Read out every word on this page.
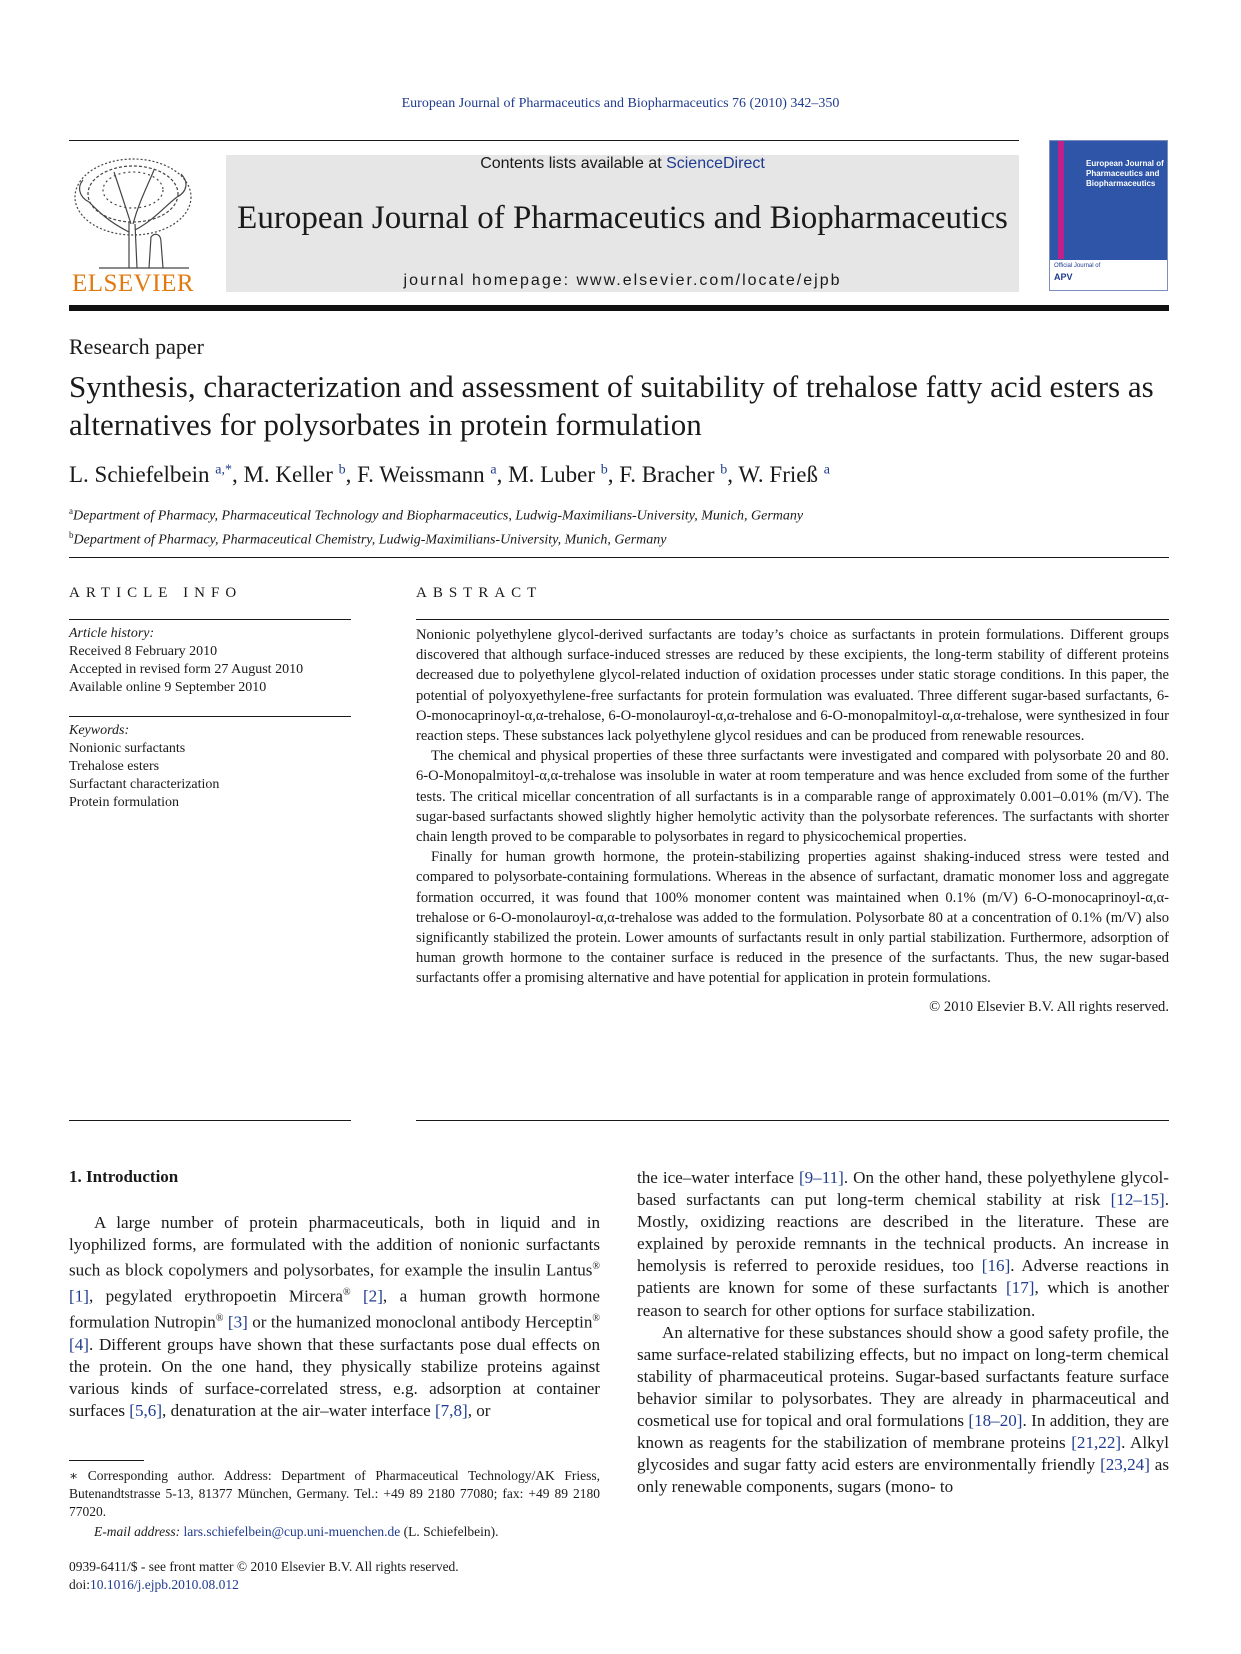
European Journal of Pharmaceutics and Biopharmaceutics 76 (2010) 342–350
ELSEVIER
Contents lists available at ScienceDirect
European Journal of Pharmaceutics and Biopharmaceutics
journal homepage: www.elsevier.com/locate/ejpb
European Journal of Pharmaceutics and Biopharmaceutics
Official Journal of
APV
Research paper
Synthesis, characterization and assessment of suitability of trehalose fatty acid esters as alternatives for polysorbates in protein formulation
L. Schiefelbein $^{a,*}$, M. Keller $^b$, F. Weissmann $^a$, M. Luber $^b$, F. Bracher $^b$, W. Frieß $^a$
$^a$Department of Pharmacy, Pharmaceutical Technology and Biopharmaceutics, Ludwig-Maximilians-University, Munich, Germany
$^b$Department of Pharmacy, Pharmaceutical Chemistry, Ludwig-Maximilians-University, Munich, Germany
ARTICLE INFO
Article history:
Received 8 February 2010
Accepted in revised form 27 August 2010
Available online 9 September 2010
Keywords:
Nonionic surfactants
Trehalose esters
Surfactant characterization
Protein formulation
ABSTRACT

Nonionic polyethylene glycol-derived surfactants are today’s choice as surfactants in protein formulations. Different groups discovered that although surface-induced stresses are reduced by these excipients, the long-term stability of different proteins decreased due to polyethylene glycol-related induction of oxidation processes under static storage conditions. In this paper, the potential of polyoxyethylene-free surfactants for protein formulation was evaluated. Three different sugar-based surfactants, 6-O-monocaprinoyl-α,α-trehalose, 6-O-monolauroyl-α,α-trehalose and 6-O-monopalmitoyl-α,α-trehalose, were synthesized in four reaction steps. These substances lack polyethylene glycol residues and can be produced from renewable resources.

The chemical and physical properties of these three surfactants were investigated and compared with polysorbate 20 and 80. 6-O-Monopalmitoyl-α,α-trehalose was insoluble in water at room temperature and was hence excluded from some of the further tests. The critical micellar concentration of all surfactants is in a comparable range of approximately 0.001–0.01% (m/V). The sugar-based surfactants showed slightly higher hemolytic activity than the polysorbate references. The surfactants with shorter chain length proved to be comparable to polysorbates in regard to physicochemical properties.

Finally for human growth hormone, the protein-stabilizing properties against shaking-induced stress were tested and compared to polysorbate-containing formulations. Whereas in the absence of surfactant, dramatic monomer loss and aggregate formation occurred, it was found that 100% monomer content was maintained when 0.1% (m/V) 6-O-monocaprinoyl-α,α-trehalose or 6-O-monolauroyl-α,α-trehalose was added to the formulation. Polysorbate 80 at a concentration of 0.1% (m/V) also significantly stabilized the protein. Lower amounts of surfactants result in only partial stabilization. Furthermore, adsorption of human growth hormone to the container surface is reduced in the presence of the surfactants. Thus, the new sugar-based surfactants offer a promising alternative and have potential for application in protein formulations.

© 2010 Elsevier B.V. All rights reserved.
1. Introduction

A large number of protein pharmaceuticals, both in liquid and in lyophilized forms, are formulated with the addition of nonionic surfactants such as block copolymers and polysorbates, for example the insulin Lantus® [1], pegylated erythropoetin Mircera® [2], a human growth hormone formulation Nutropin® [3] or the humanized monoclonal antibody Herceptin® [4]. Different groups have shown that these surfactants pose dual effects on the protein. On the one hand, they physically stabilize proteins against various kinds of surface-correlated stress, e.g. adsorption at container surfaces [5,6], denaturation at the air–water interface [7,8], or

the ice–water interface [9–11]. On the other hand, these polyethylene glycol-based surfactants can put long-term chemical stability at risk [12–15]. Mostly, oxidizing reactions are described in the literature. These are explained by peroxide remnants in the technical products. An increase in hemolysis is referred to peroxide residues, too [16]. Adverse reactions in patients are known for some of these surfactants [17], which is another reason to search for other options for surface stabilization.

An alternative for these substances should show a good safety profile, the same surface-related stabilizing effects, but no impact on long-term chemical stability of pharmaceutical proteins. Sugar-based surfactants feature surface behavior similar to polysorbates. They are already in pharmaceutical and cosmetical use for topical and oral formulations [18–20]. In addition, they are known as reagents for the stabilization of membrane proteins [21,22]. Alkyl glycosides and sugar fatty acid esters are environmentally friendly [23,24] as only renewable components, sugars (mono- to

∗ Corresponding author. Address: Department of Pharmaceutical Technology/AK Friess, Butenandtstrasse 5-13, 81377 München, Germany. Tel.: +49 89 2180 77080; fax: +49 89 2180 77020.

E-mail address: lars.schiefelbein@cup.uni-muenchen.de (L. Schiefelbein).

0939-6411/$ - see front matter © 2010 Elsevier B.V. All rights reserved.
doi:10.1016/j.ejpb.2010.08.012
